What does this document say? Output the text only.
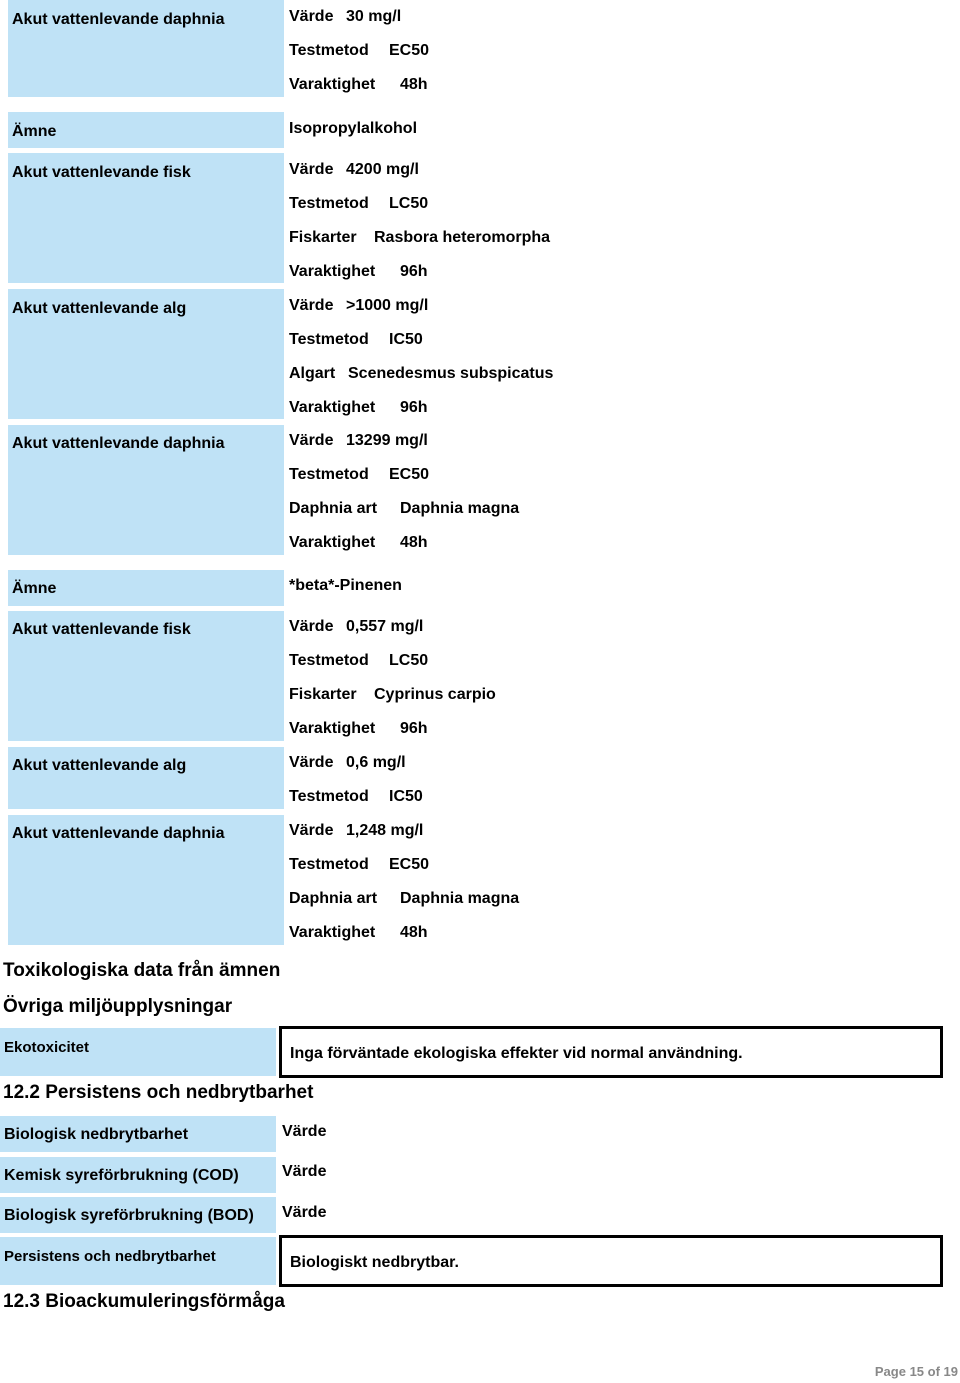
Akut vattenlevande daphnia	Värde 30 mg/l
Testmetod EC50
Varaktighet 48h
Ämne	Isopropylalkohol
Akut vattenlevande fisk	Värde 4200 mg/l
Testmetod LC50
Fiskarter Rasbora heteromorpha
Varaktighet 96h
Akut vattenlevande alg	Värde >1000 mg/l
Testmetod IC50
Algart Scenedesmus subspicatus
Varaktighet 96h
Akut vattenlevande daphnia	Värde 13299 mg/l
Testmetod EC50
Daphnia art Daphnia magna
Varaktighet 48h
Ämne	*beta*-Pinenen
Akut vattenlevande fisk	Värde 0,557 mg/l
Testmetod LC50
Fiskarter Cyprinus carpio
Varaktighet 96h
Akut vattenlevande alg	Värde 0,6 mg/l
Testmetod IC50
Akut vattenlevande daphnia	Värde 1,248 mg/l
Testmetod EC50
Daphnia art Daphnia magna
Varaktighet 48h
Toxikologiska data från ämnen
Övriga miljöupplysningar
Ekotoxicitet	Inga förväntade ekologiska effekter vid normal användning.
12.2 Persistens och nedbrytbarhet
Biologisk nedbrytbarhet	Värde
Kemisk syreförbrukning (COD)	Värde
Biologisk syreförbrukning (BOD) Värde
Persistens och nedbrytbarhet	Biologiskt nedbrytbar.
12.3 Bioackumuleringsförmåga
Page 15 of 19
